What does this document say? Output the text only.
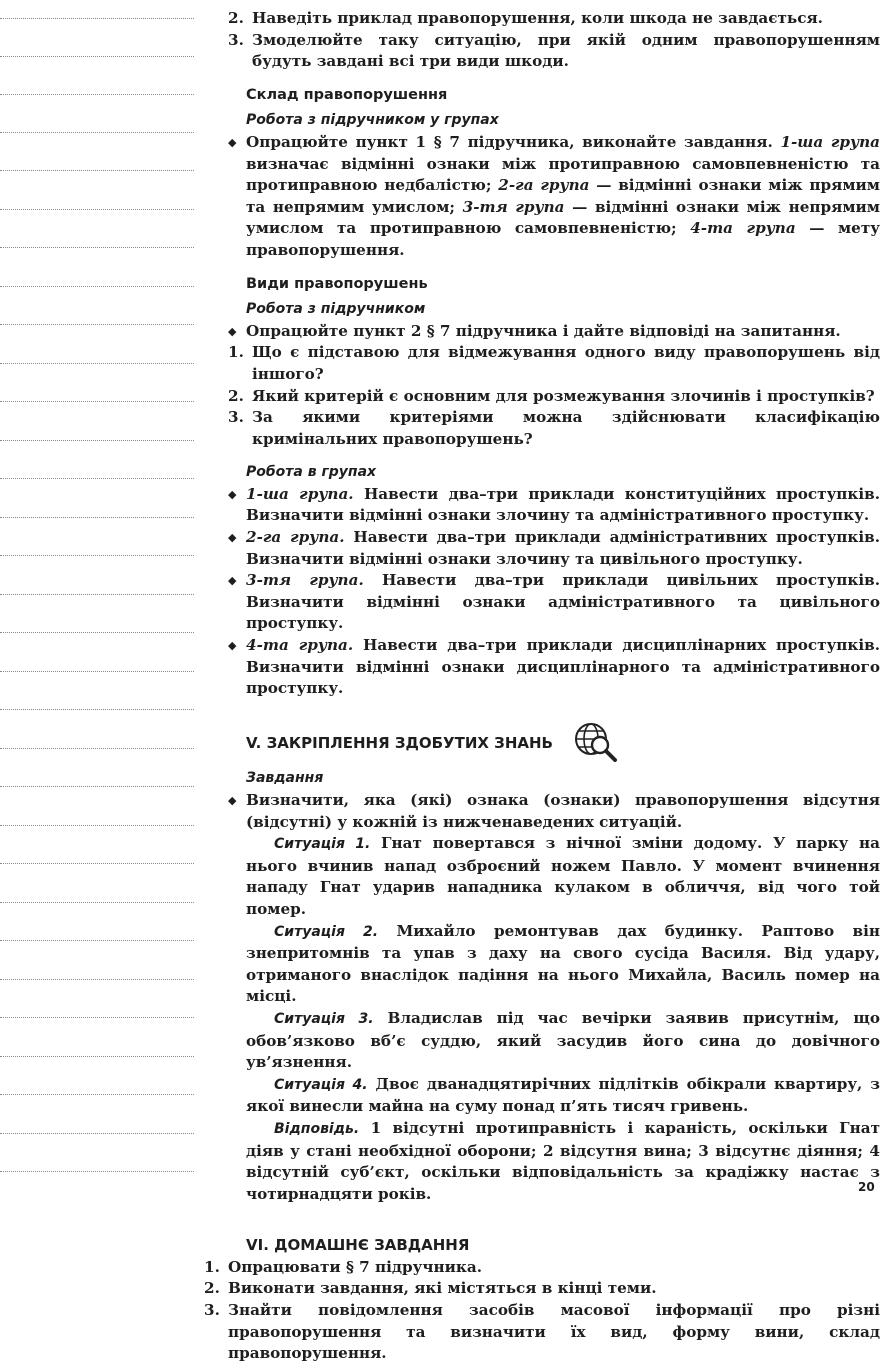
2. Наведіть приклад правопорушення, коли шкода не завдається.
3. Змоделюйте таку ситуацію, при якій одним правопорушенням будуть завдані всі три види шкоди.
Склад правопорушення
Робота з підручником у групах
◆ Опрацюйте пункт 1 § 7 підручника, виконайте завдання. 1-ша група визначає відмінні ознаки між протиправною самовпевненістю та протиправною недбалістю; 2-га група — відмінні ознаки між прямим та непрямим умислом; 3-тя група — відмінні ознаки між непрямим умислом та протиправною самовпевненістю; 4-та група — мету правопорушення.
Види правопорушень
Робота з підручником
◆ Опрацюйте пункт 2 § 7 підручника і дайте відповіді на запитання.
1. Що є підставою для відмежування одного виду правопорушень від іншого?
2. Який критерій є основним для розмежування злочинів і проступків?
3. За якими критеріями можна здійснювати класифікацію кримінальних правопорушень?
Робота в групах
◆ 1-ша група. Навести два–три приклади конституційних проступків. Визначити відмінні ознаки злочину та адміністративного проступку.
◆ 2-га група. Навести два–три приклади адміністративних проступків. Визначити відмінні ознаки злочину та цивільного проступку.
◆ 3-тя група. Навести два–три приклади цивільних проступків. Визначити відмінні ознаки адміністративного та цивільного проступку.
◆ 4-та група. Навести два–три приклади дисциплінарних проступків. Визначити відмінні ознаки дисциплінарного та адміністративного проступку.
V. ЗАКРІПЛЕННЯ ЗДОБУТИХ ЗНАНЬ
Завдання
◆ Визначити, яка (які) ознака (ознаки) правопорушення відсутня (відсутні) у кожній із нижченаведених ситуацій.

Ситуація 1. Гнат повертався з нічної зміни додому. У парку на нього вчинив напад озброєний ножем Павло. У момент вчинення нападу Гнат ударив нападника кулаком в обличчя, від чого той помер.

Ситуація 2. Михайло ремонтував дах будинку. Раптово він знепритомнів та упав з даху на свого сусіда Василя. Від удару, отриманого внаслідок падіння на нього Михайла, Василь помер на місці.

Ситуація 3. Владислав під час вечірки заявив присутнім, що обов’язково вб’є суддю, який засудив його сина до довічного ув’язнення.

Ситуація 4. Двоє дванадцятирічних підлітків обікрали квартиру, з якої винесли майна на суму понад п’ять тисяч гривень.

Відповідь. 1 відсутні протиправність і караність, оскільки Гнат діяв у стані необхідної оборони; 2 відсутня вина; 3 відсутнє діяння; 4 відсутній суб’єкт, оскільки відповідальність за крадіжку настає з чотирнадцяти років.

VI. ДОМАШНЄ ЗАВДАННЯ
1. Опрацювати § 7 підручника.
2. Виконати завдання, які містяться в кінці теми.
3. Знайти повідомлення засобів масової інформації про різні правопорушення та визначити їх вид, форму вини, склад правопорушення.
20
